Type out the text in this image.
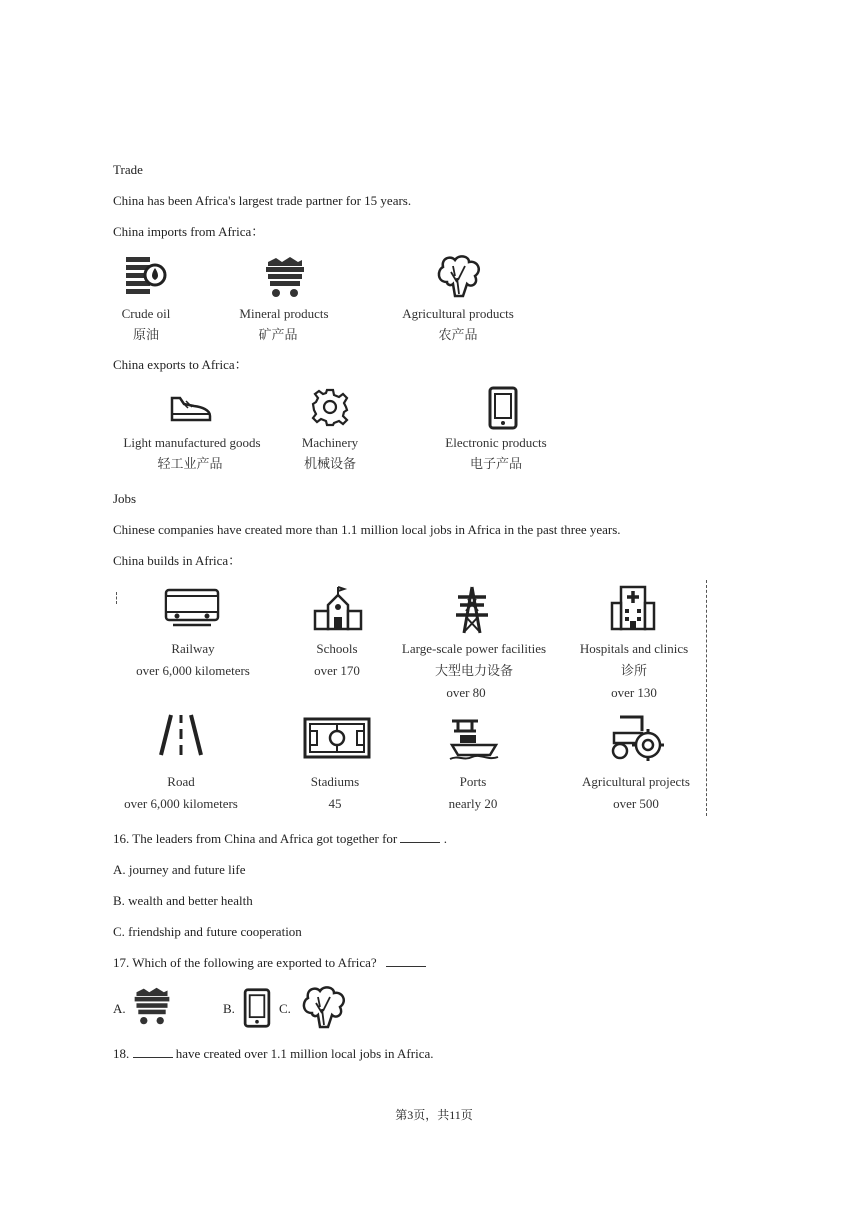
Trade
China has been Africa's largest trade partner for 15 years.
China imports from Africa：
Crude oil
原油
Mineral products
矿产品
Agricultural products
农产品
China exports to Africa：
Light manufactured goods
轻工业产品
Machinery
机械设备
Electronic products
电子产品
Jobs
Chinese companies have created more than 1.1 million local jobs in Africa in the past three years.
China builds in Africa：
Railway
over 6,000 kilometers
Schools
over 170
Large-scale power facilities
大型电力设备
over 80
Hospitals and clinics
诊所
over 130
Road
over 6,000 kilometers
Stadiums
45
Ports
nearly 20
Agricultural projects
over 500
16. The leaders from China and Africa got together for	.
A. journey and future life
B. wealth and better health
C. friendship and future cooperation
17. Which of the following are exported to Africa?
A.	B.	C.
18.	have created over 1.1 million local jobs in Africa.
第3页，共11页
